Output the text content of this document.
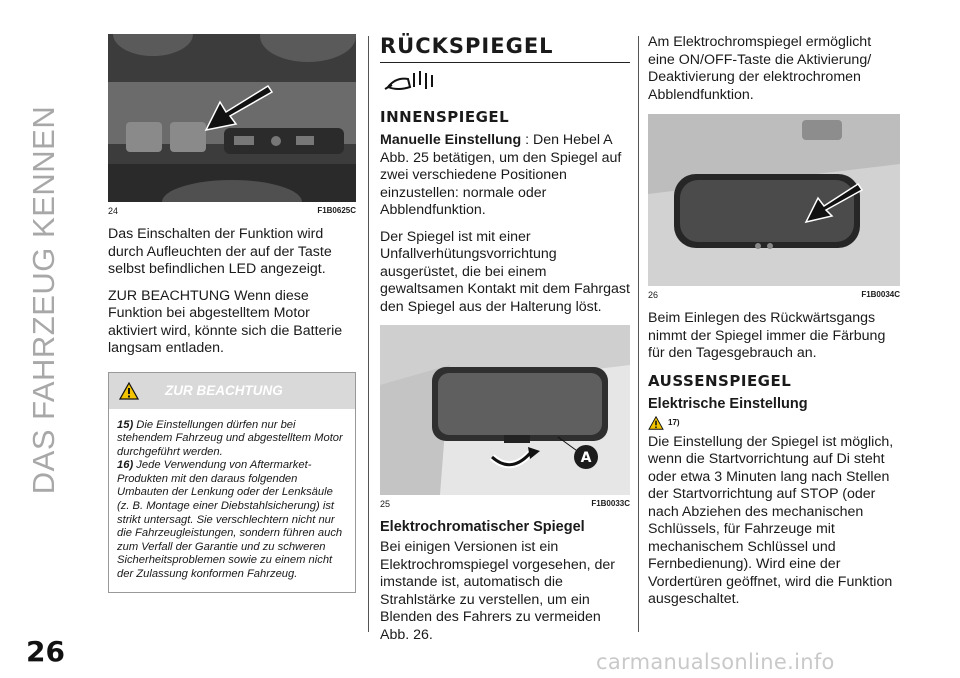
DAS FAHRZEUG KENNEN
26	carmanualsonline.info
24	F1B0625C

Das Einschalten der Funktion wird durch Aufleuchten der auf der Taste selbst befindlichen LED angezeigt.

ZUR BEACHTUNG Wenn diese Funktion bei abgestelltem Motor aktiviert wird, könnte sich die Batterie langsam entladen.

ZUR BEACHTUNG
15) Die Einstellungen dürfen nur bei stehendem Fahrzeug und abgestelltem Motor durchgeführt werden.
16) Jede Verwendung von Aftermarket-Produkten mit den daraus folgenden Umbauten der Lenkung oder der Lenksäule (z. B. Montage einer Diebstahlsicherung) ist strikt untersagt. Sie verschlechtern nicht nur die Fahrzeugleistungen, sondern führen auch zum Verfall der Garantie und zu schweren Sicherheitsproblemen sowie zu einem nicht der Zulassung konformen Fahrzeug.
RÜCKSPIEGEL
INNENSPIEGEL

Manuelle Einstellung : Den Hebel A Abb. 25 betätigen, um den Spiegel auf zwei verschiedene Positionen einzustellen: normale oder Abblendfunktion.

Der Spiegel ist mit einer Unfallverhütungsvorrichtung ausgerüstet, die bei einem gewaltsamen Kontakt mit dem Fahrgast den Spiegel aus der Halterung löst.

A
25	F1B0033C
Elektrochromatischer Spiegel

Bei einigen Versionen ist ein Elektrochromspiegel vorgesehen, der imstande ist, automatisch die Strahlstärke zu verstellen, um ein Blenden des Fahrers zu vermeiden Abb. 26.

Am Elektrochromspiegel ermöglicht eine ON/OFF-Taste die Aktivierung/ Deaktivierung der elektrochromen Abblendfunktion.

26	F1B0034C

Beim Einlegen des Rückwärtsgangs nimmt der Spiegel immer die Färbung für den Tagesgebrauch an.

AUSSENSPIEGEL
Elektrische Einstellung
17)

Die Einstellung der Spiegel ist möglich, wenn die Startvorrichtung auf Di steht oder etwa 3 Minuten lang nach Stellen der Startvorrichtung auf STOP (oder nach Abziehen des mechanischen Schlüssels, für Fahrzeuge mit mechanischem Schlüssel und Fernbedienung). Wird eine der Vordertüren geöffnet, wird die Funktion ausgeschaltet.
